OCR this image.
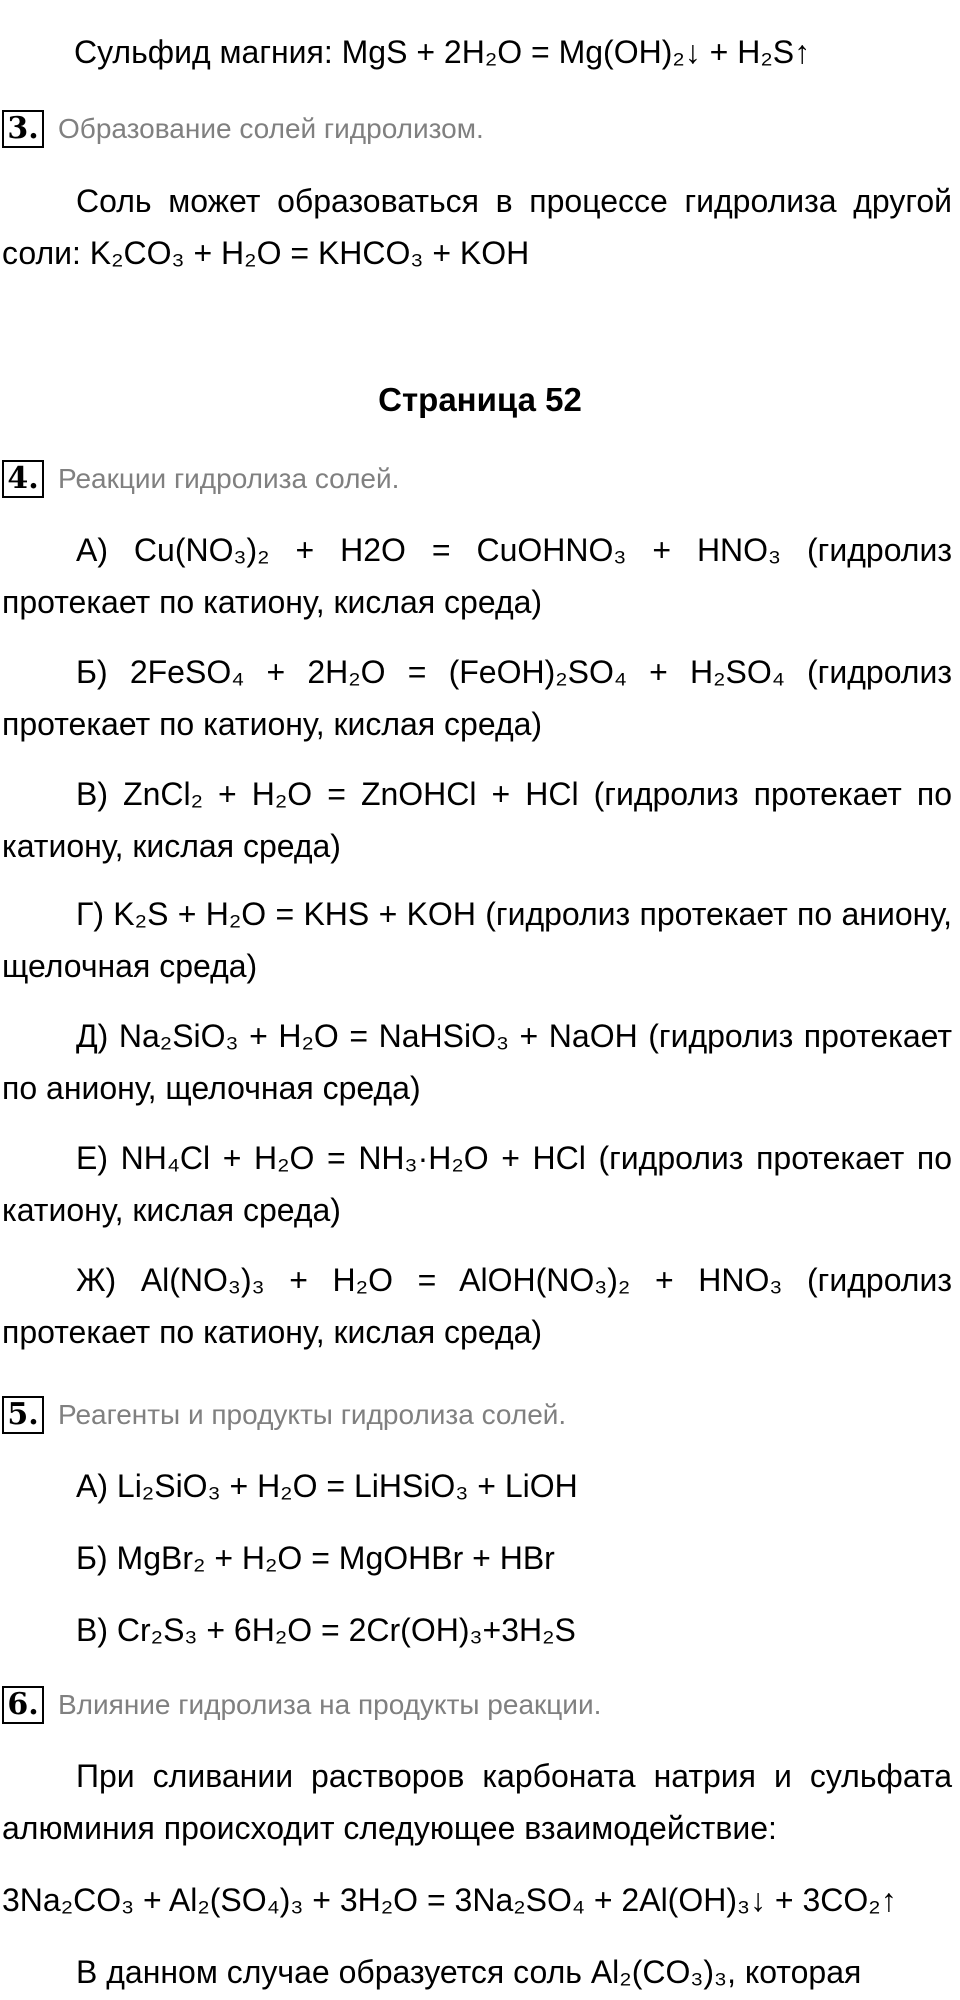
Сульфид магния: MgS + 2H₂O = Mg(OH)₂↓ + H₂S↑

3. Образование солей гидролизом.

Соль может образоваться в процессе гидролиза другой соли: K₂CO₃ + H₂O = KHCO₃ + KOH

Страница 52

4. Реакции гидролиза солей.

А) Cu(NO₃)₂ + H2O = CuOHNO₃ + HNO₃ (гидролиз протекает по катиону, кислая среда)

Б) 2FeSO₄ + 2H₂O = (FeOH)₂SO₄ + H₂SO₄ (гидролиз протекает по катиону, кислая среда)

В) ZnCl₂ + H₂O = ZnOHCl + HCl (гидролиз протекает по катиону, кислая среда)

Г) K₂S + H₂O = KHS + KOH (гидролиз протекает по аниону, щелочная среда)

Д) Na₂SiO₃ + H₂O = NaHSiO₃ + NaOH (гидролиз протекает по аниону, щелочная среда)

Е) NH₄Cl + H₂O = NH₃·H₂O + HCl (гидролиз протекает по катиону, кислая среда)

Ж) Al(NO₃)₃ + H₂O = AlOH(NO₃)₂ + HNO₃ (гидролиз протекает по катиону, кислая среда)

5. Реагенты и продукты гидролиза солей.

А) Li₂SiO₃ + H₂O = LiHSiO₃ + LiOH

Б) MgBr₂ + H₂O = MgOHBr + HBr

В) Cr₂S₃ + 6H₂O = 2Cr(OH)₃+3H₂S

6. Влияние гидролиза на продукты реакции.

При сливании растворов карбоната натрия и сульфата алюминия происходит следующее взаимодействие:

3Na₂CO₃ + Al₂(SO₄)₃ + 3H₂O = 3Na₂SO₄ + 2Al(OH)₃↓ + 3CO₂↑

В данном случае образуется соль Al₂(CO₃)₃, которая
